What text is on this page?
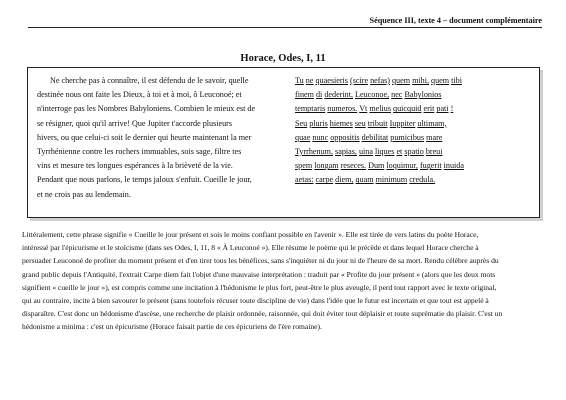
Séquence III, texte 4 – document complémentaire
Horace, Odes, I, 11
Ne cherche pas à connaître, il est défendu de le savoir, quelle
destinée nous ont faite les Dieux, à toi et à moi, ô Leuconoé; et
n'interroge pas les Nombres Babyloniens. Combien le mieux est de
se résigner, quoi qu'il arrive! Que Jupiter t'accorde plusieurs
hivers, ou que celui-ci soit le dernier qui heurte maintenant la mer
Tyrrhénienne contre les rochers immuables, sois sage, filtre tes
vins et mesure tes longues espérances à la brièveté de la vie.
Pendant que nous parlons, le temps jaloux s'enfuit. Cueille le jour,
et ne crois pas au lendemain.
Tu ne quaesieris (scire nefas) quem mihi, quem tibi
finem di dederint, Leuconoe, nec Babylonios
temptaris numeros. Vt melius quicquid erit pati !
Seu pluris hiemes seu tribuit Iuppiter ultimam,
quae nunc oppositis debilitat pumicibus mare
Tyrrhenum, sapias, uina liques et spatio breui
spem longam reseces. Dum loquimur, fugerit inuida
aetas: carpe diem, quam minimum credula.
Littéralement, cette phrase signifie « Cueille le jour présent et sois le moins confiant possible en l'avenir ». Elle est tirée de vers latins du poète Horace,
intéressé par l'épicurisme et le stoïcisme (dans ses Odes, I, 11, 8 « À Leuconoé »). Elle résume le poème qui le précède et dans lequel Horace cherche à
persuader Leuconoé de profiter du moment présent et d'en tirer tous les bénéfices, sans s'inquiéter ni du jour ni de l'heure de sa mort. Rendu célèbre auprès du
grand public depuis l'Antiquité, l'extrait Carpe diem fait l'objet d'une mauvaise interprétation : traduit par « Profite du jour présent » (alors que les deux mots
signifient « cueille le jour »), est compris comme une incitation à l'hédonisme le plus fort, peut-être le plus aveugle, il perd tout rapport avec le texte original,
qui au contraire, incite à bien savourer le présent (sans toutefois récuser toute discipline de vie) dans l'idée que le futur est incertain et que tout est appelé à
disparaître. C'est donc un hédonisme d'ascèse, une recherche de plaisir ordonnée, raisonnée, qui doit éviter tout déplaisir et toute suprématie du plaisir. C'est un
hédonisme a minima : c'est un épicurisme (Horace faisait partie de ces épicuriens de l'ère romaine).
